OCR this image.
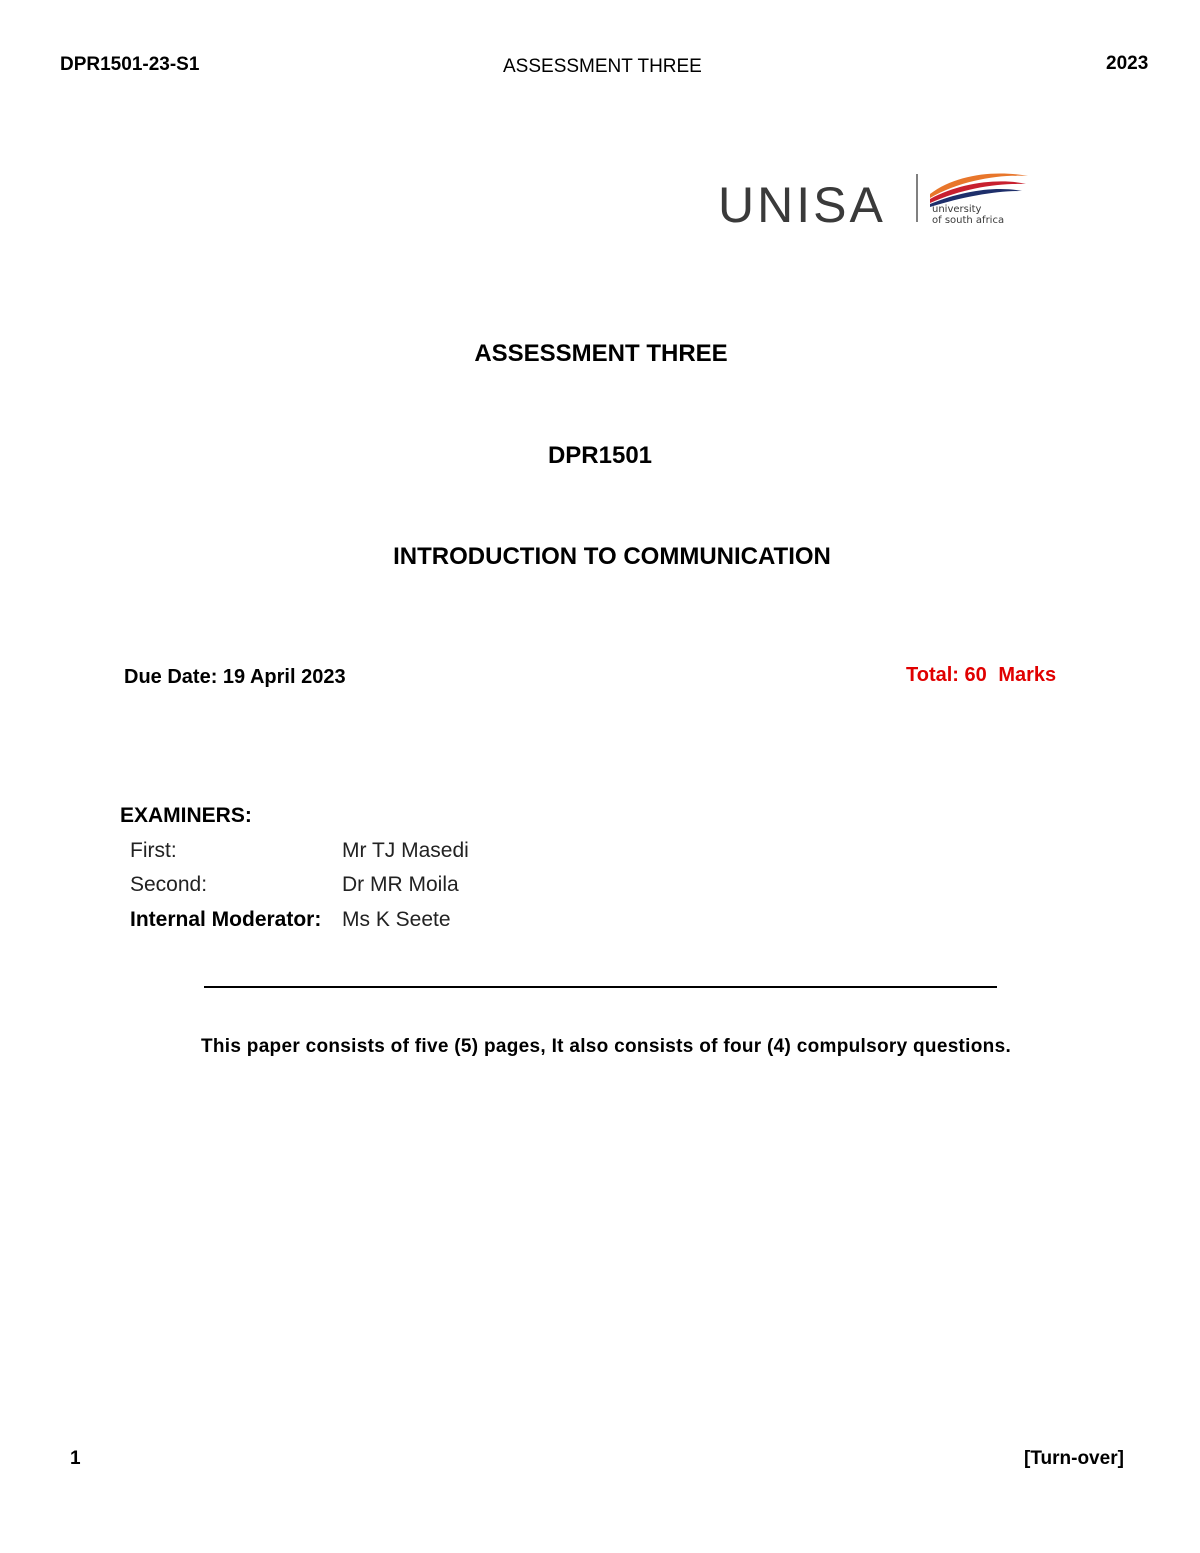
DPR1501-23-S1	ASSESSMENT THREE	2023
UNISA	university
of south africa
ASSESSMENT THREE
DPR1501
INTRODUCTION TO COMMUNICATION
Due Date: 19 April 2023	Total: 60 Marks
EXAMINERS:
First:	Mr TJ Masedi
Second:	Dr MR Moila
Internal Moderator: Ms K Seete
This paper consists of five (5) pages, It also consists of four (4) compulsory questions.
1	[Turn-over]
